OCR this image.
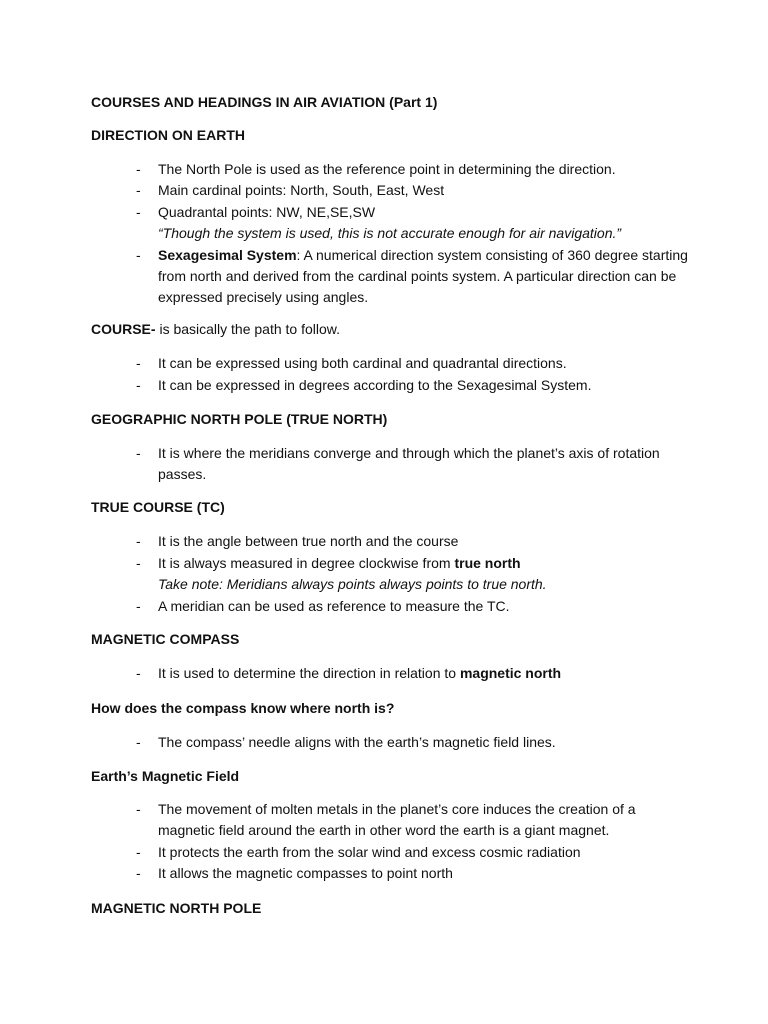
COURSES AND HEADINGS IN AIR AVIATION (Part 1)
DIRECTION ON EARTH
- The North Pole is used as the reference point in determining the direction.
- Main cardinal points: North, South, East, West
- Quadrantal points: NW, NE,SE,SW
“Though the system is used, this is not accurate enough for air navigation.”
- Sexagesimal System: A numerical direction system consisting of 360 degree starting from north and derived from the cardinal points system. A particular direction can be expressed precisely using angles.
COURSE- is basically the path to follow.
- It can be expressed using both cardinal and quadrantal directions.
- It can be expressed in degrees according to the Sexagesimal System.
GEOGRAPHIC NORTH POLE (TRUE NORTH)
- It is where the meridians converge and through which the planet’s axis of rotation passes.
TRUE COURSE (TC)
- It is the angle between true north and the course
- It is always measured in degree clockwise from true north
Take note: Meridians always points always points to true north.
- A meridian can be used as reference to measure the TC.
MAGNETIC COMPASS
- It is used to determine the direction in relation to magnetic north
How does the compass know where north is?
- The compass’ needle aligns with the earth’s magnetic field lines.
Earth’s Magnetic Field
- The movement of molten metals in the planet’s core induces the creation of a magnetic field around the earth in other word the earth is a giant magnet.
- It protects the earth from the solar wind and excess cosmic radiation
- It allows the magnetic compasses to point north
MAGNETIC NORTH POLE
